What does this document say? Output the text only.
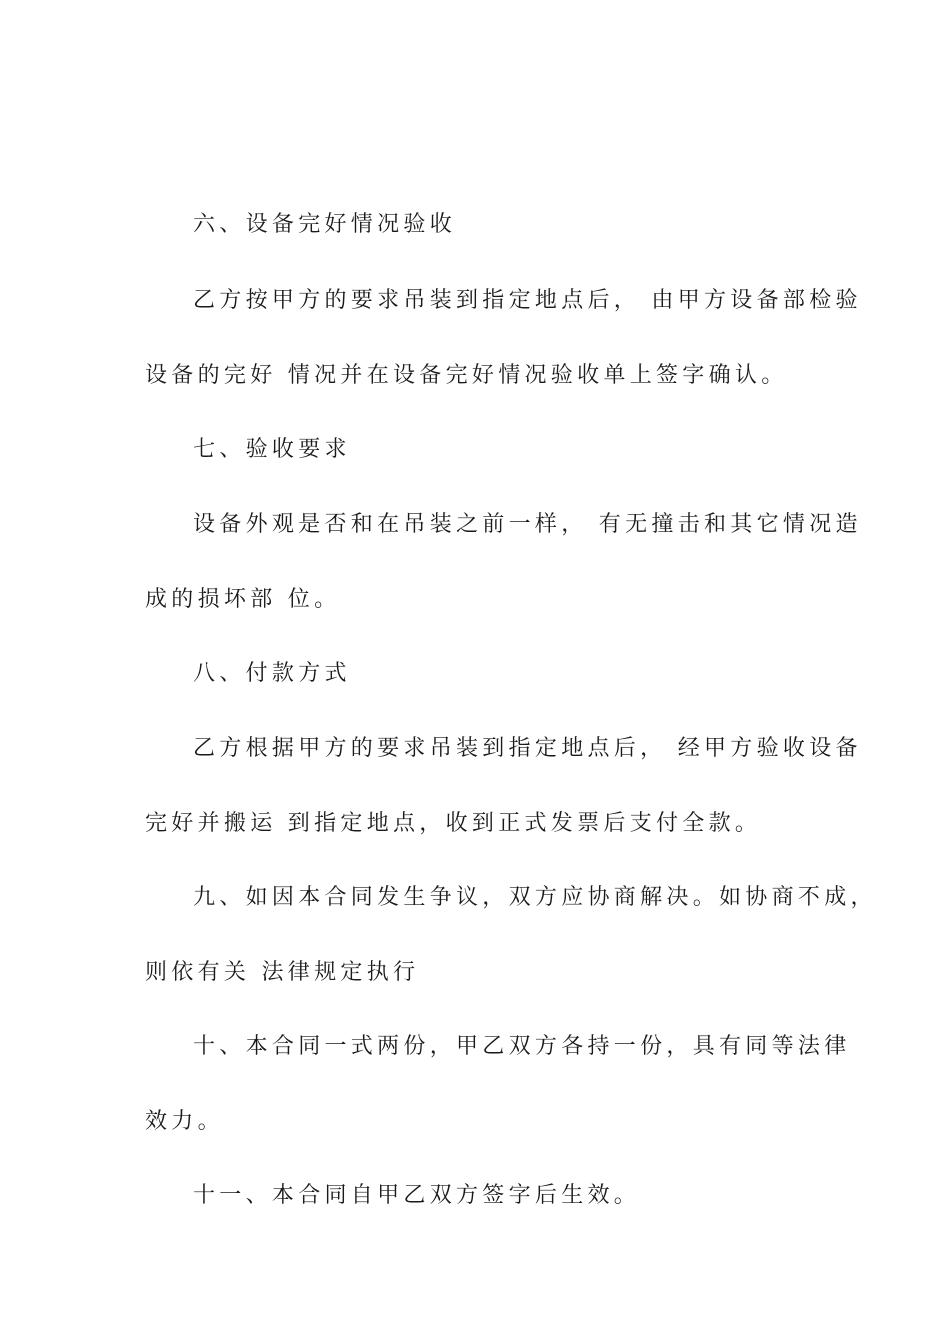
六、设备完好情况验收
乙方按甲方的要求吊装到指定地点后， 由甲方设备部检验
设备的完好 情况并在设备完好情况验收单上签字确认。
七、验收要求
设备外观是否和在吊装之前一样， 有无撞击和其它情况造
成的损坏部 位。
八、付款方式
乙方根据甲方的要求吊装到指定地点后， 经甲方验收设备
完好并搬运 到指定地点，收到正式发票后支付全款。
九、如因本合同发生争议，双方应协商解决。如协商不成，
则依有关 法律规定执行
十、本合同一式两份，甲乙双方各持一份，具有同等法律
效力。
十一、本合同自甲乙双方签字后生效。
